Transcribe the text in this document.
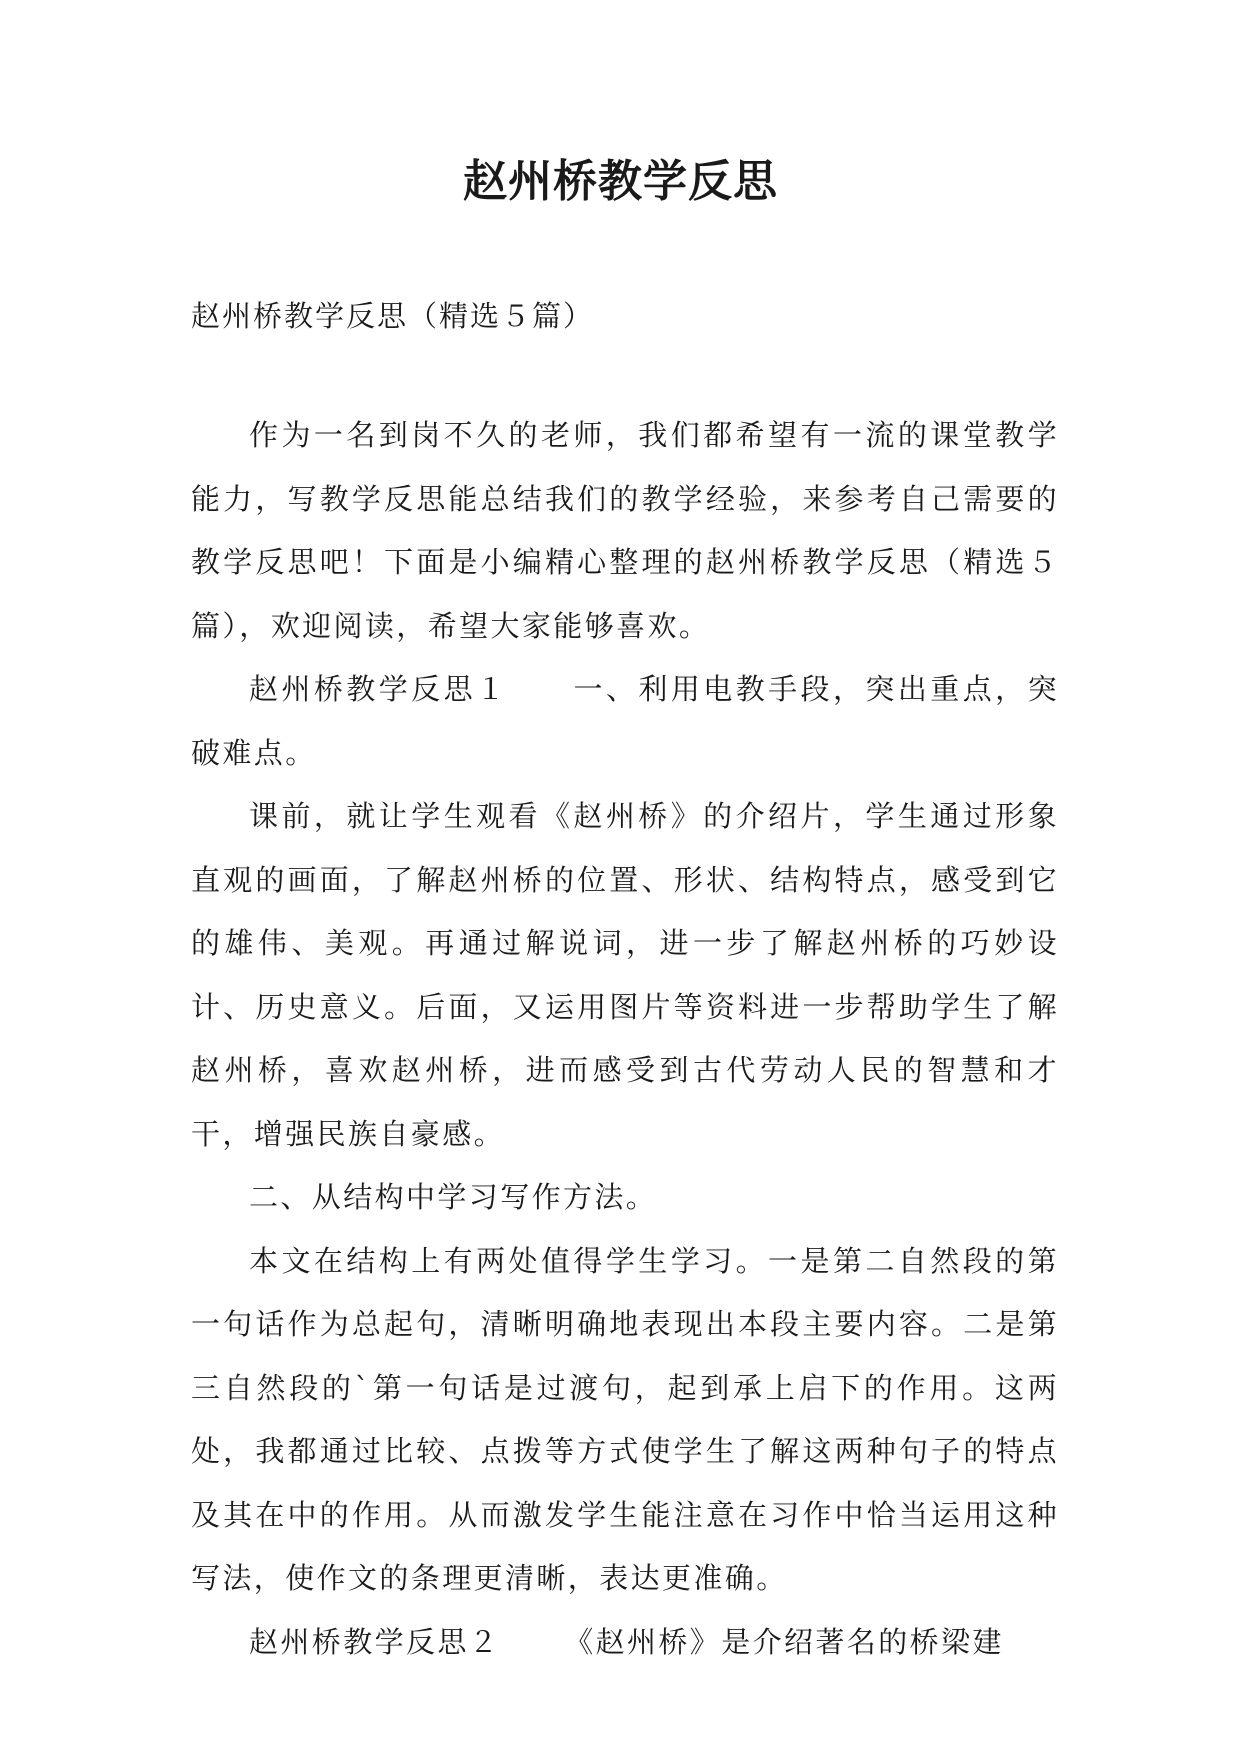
赵州桥教学反思

赵州桥教学反思（精选５篇）

作为一名到岗不久的老师，我们都希望有一流的课堂教学能力，写教学反思能总结我们的教学经验，来参考自己需要的教学反思吧！下面是小编精心整理的赵州桥教学反思（精选５篇），欢迎阅读，希望大家能够喜欢。

赵州桥教学反思１ 一、利用电教手段，突出重点，突破难点。

课前，就让学生观看《赵州桥》的介绍片，学生通过形象直观的画面，了解赵州桥的位置、形状、结构特点，感受到它的雄伟、美观。再通过解说词，进一步了解赵州桥的巧妙设计、历史意义。后面，又运用图片等资料进一步帮助学生了解赵州桥，喜欢赵州桥，进而感受到古代劳动人民的智慧和才干，增强民族自豪感。

二、从结构中学习写作方法。

本文在结构上有两处值得学生学习。一是第二自然段的第一句话作为总起句，清晰明确地表现出本段主要内容。二是第三自然段的`第一句话是过渡句，起到承上启下的作用。这两处，我都通过比较、点拨等方式使学生了解这两种句子的特点及其在中的作用。从而激发学生能注意在习作中恰当运用这种写法，使作文的条理更清晰，表达更准确。

赵州桥教学反思２ 《赵州桥》是介绍著名的桥梁建
